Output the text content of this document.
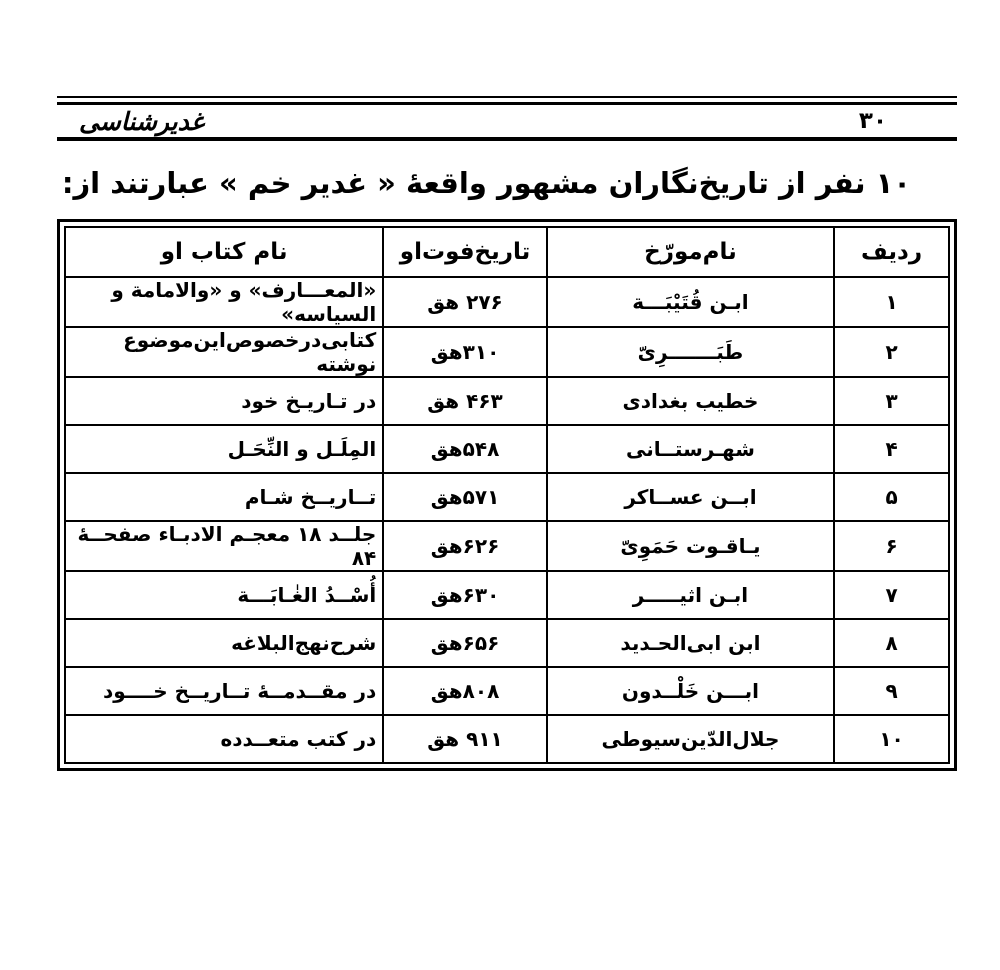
۳۰
غدیرشناسی
۱۰ نفر از تاریخ‌نگاران مشهور واقعهٔ « غدیر خم » عبارتند از:
ردیف	نام‌مورّخ	تاریخ‌فوت‌او	نام کتاب او
۱	ابـن قُتَیْبَـــة	۲۷۶ هق	«المعـــارف» و «والامامة و السیاسه»
۲	طَبَـــــــرِیّ	۳۱۰هق	کتابی‌درخصوص‌این‌موضوع نوشته
۳	خطیب بغدادی	۴۶۳ هق	در تـاریـخ خود
۴	شهـرستــانی	۵۴۸هق	المِلَـل و النِّحَـل
۵	ابــن عســاکر	۵۷۱هق	تــاریــخ شـام
۶	یـاقـوت حَمَوِیّ	۶۲۶هق	جلــد ۱۸ معجـم الادبـاء صفحــهٔ ۸۴
۷	ابـن اثیـــــر	۶۳۰هق	أُسْــدُ الغٰـابَـــة
۸	ابن ابی‌الحـدید	۶۵۶هق	شرح‌نهج‌البلاغه
۹	ابـــن خَلْــدون	۸۰۸هق	در مقــدمــهٔ تــاریــخ خــــود
۱۰	جلال‌الدّین‌سیوطی	۹۱۱ هق	در کتب متعــدده
